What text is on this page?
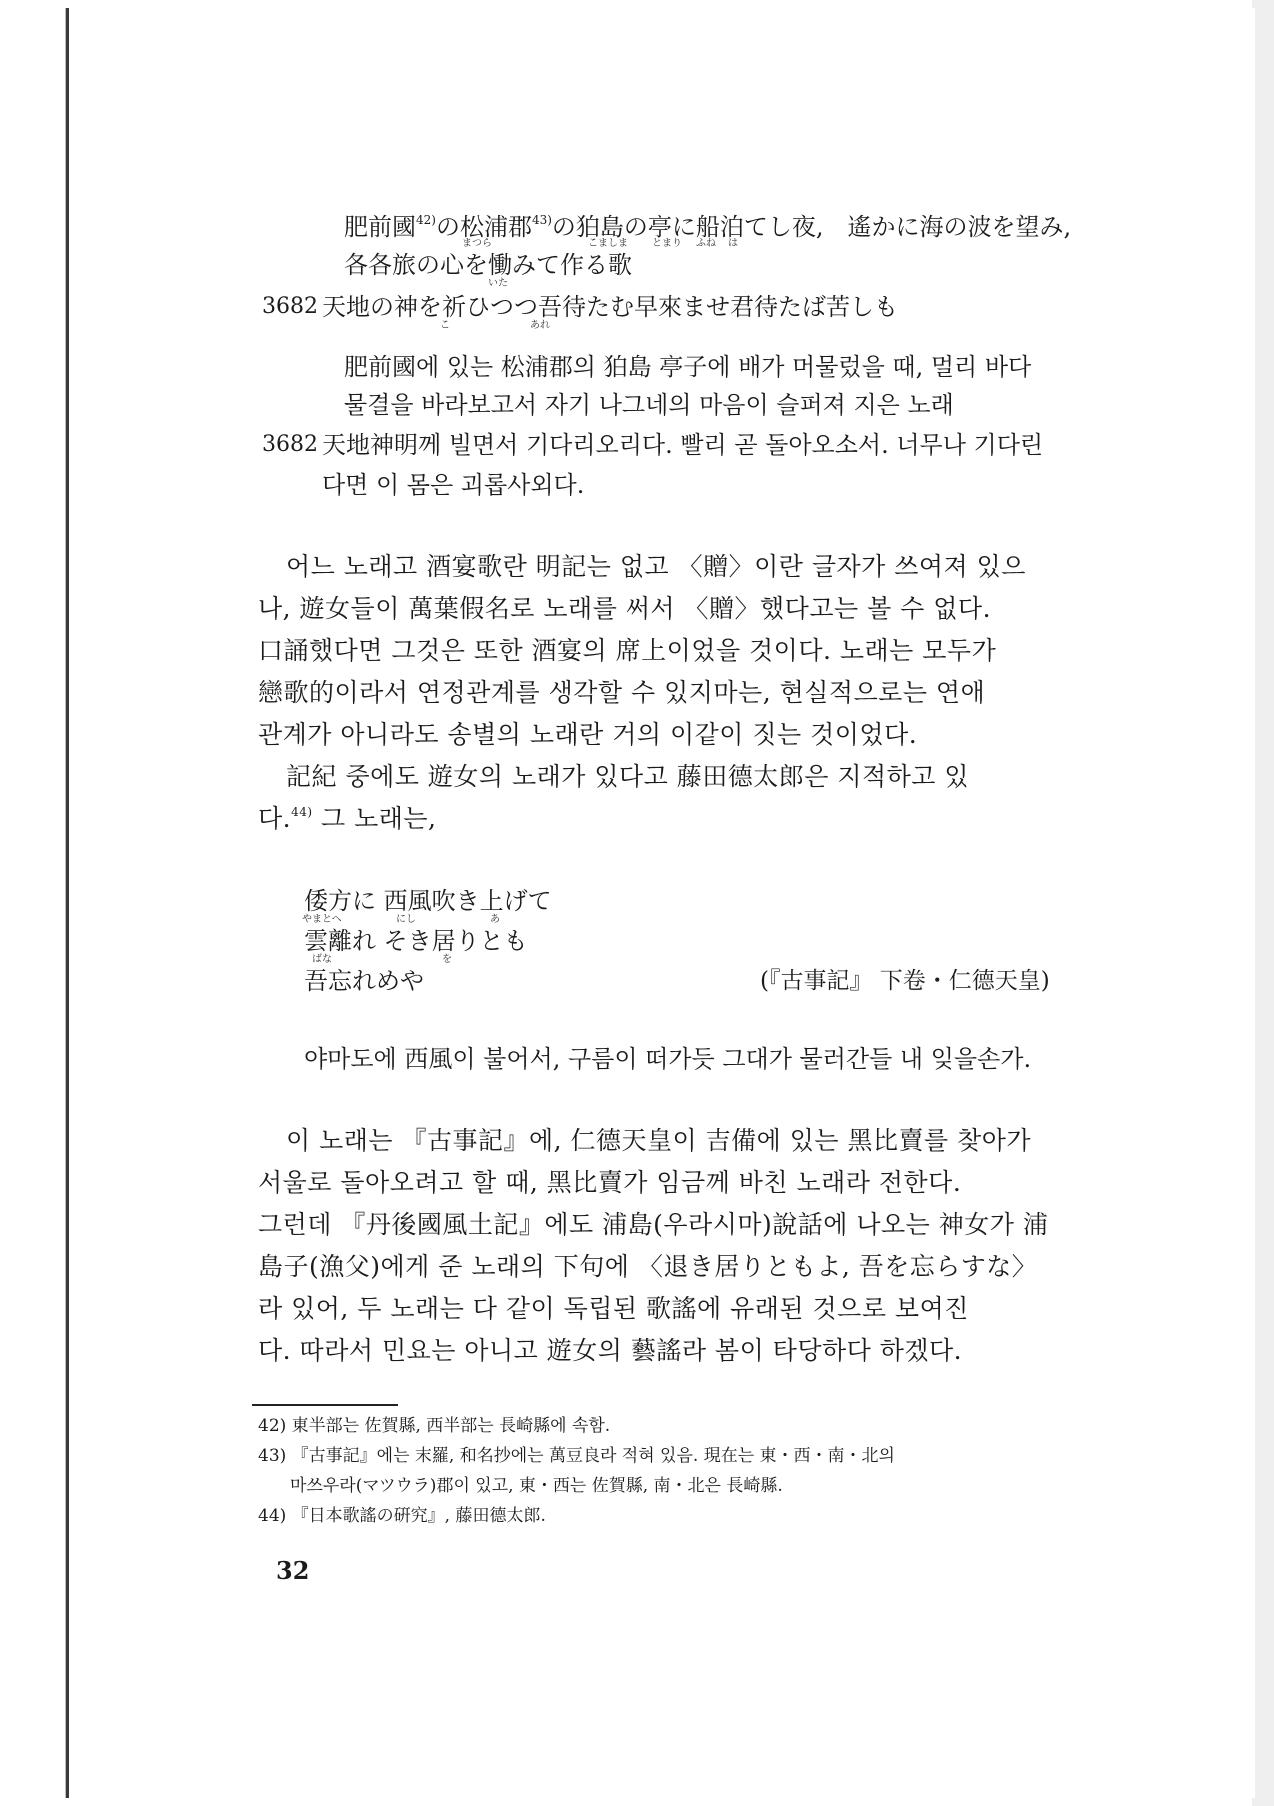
肥前國$^{42)}$の松浦郡$^{43)}$の狛島の亭に船泊てし夜,　遙かに海の波を望み,
まつら	こましま とまり ふね は
各各旅の心を慟みて作る歌
いた
3682 天地の神を祈ひつつ吾待たむ早來ませ君待たば苦しも
こ	あれ
肥前國에 있는 松浦郡의 狛島 亭子에 배가 머물렀을 때, 멀리 바다
물결을 바라보고서 자기 나그네의 마음이 슬퍼져 지은 노래
3682 天地神明께 빌면서 기다리오리다. 빨리 곧 돌아오소서. 너무나 기다린
다면 이 몸은 괴롭사외다.
어느 노래고 酒宴歌란 明記는 없고 〈贈〉이란 글자가 쓰여져 있으
나, 遊女들이 萬葉假名로 노래를 써서 〈贈〉했다고는 볼 수 없다.
口誦했다면 그것은 또한 酒宴의 席上이었을 것이다. 노래는 모두가
戀歌的이라서 연정관계를 생각할 수 있지마는, 현실적으로는 연애
관계가 아니라도 송별의 노래란 거의 이같이 짓는 것이었다.
記紀 중에도 遊女의 노래가 있다고 藤田德太郎은 지적하고 있
다.$^{44)}$ 그 노래는,
倭方に 西風吹き上げて
やまとへ	にし	あ
雲離れ そき居りとも
ばな	を
吾忘れめや	(『古事記』 下卷・仁德天皇)
야마도에 西風이 불어서, 구름이 떠가듯 그대가 물러간들 내 잊을손가.
이 노래는 『古事記』에, 仁德天皇이 吉備에 있는 黑比賣를 찾아가
서울로 돌아오려고 할 때, 黑比賣가 임금께 바친 노래라 전한다.
그런데 『丹後國風土記』에도 浦島(우라시마)說話에 나오는 神女가 浦
島子(漁父)에게 준 노래의 下句에 〈退き居りともよ, 吾を忘らすな〉
라 있어, 두 노래는 다 같이 독립된 歌謠에 유래된 것으로 보여진
다. 따라서 민요는 아니고 遊女의 藝謠라 봄이 타당하다 하겠다.
42) 東半部는 佐賀縣, 西半部는 長崎縣에 속함.
43) 『古事記』에는 末羅, 和名抄에는 萬豆良라 적혀 있음. 現在는 東・西・南・北의
마쓰우라(マツウラ)郡이 있고, 東・西는 佐賀縣, 南・北은 長崎縣.
44) 『日本歌謠の硏究』, 藤田德太郎.
32
